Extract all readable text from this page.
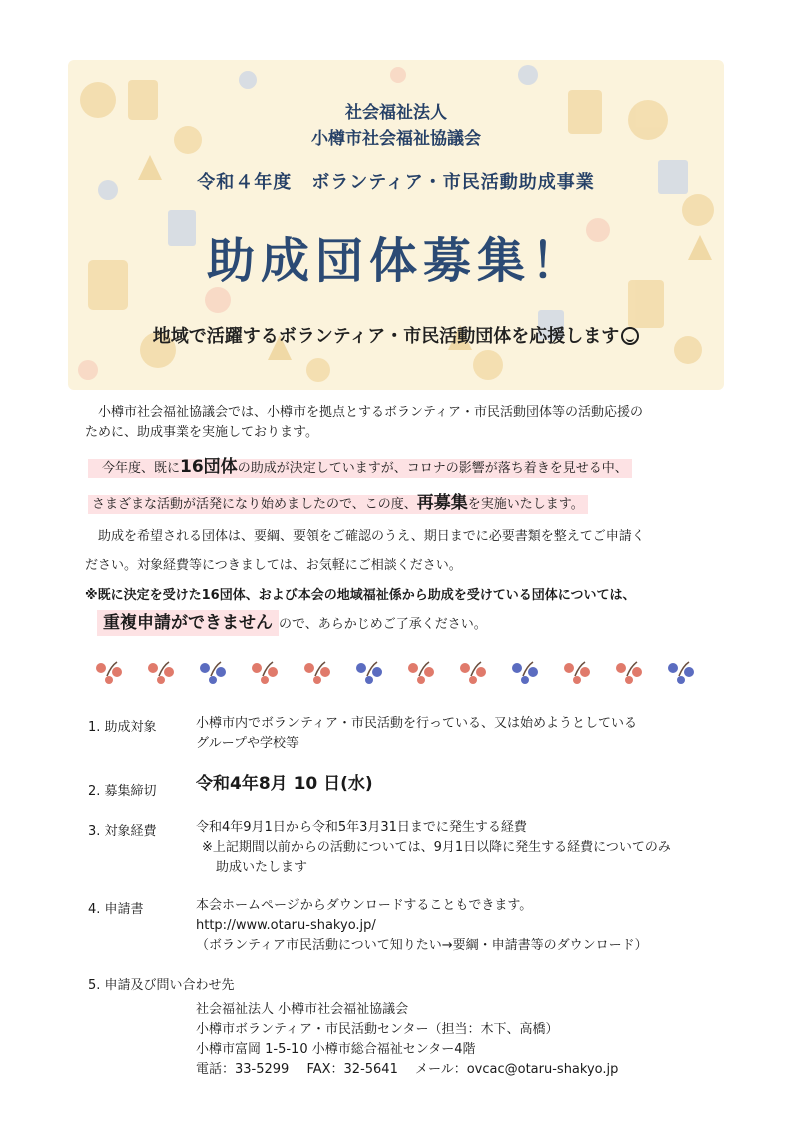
社会福祉法人
小樽市社会福祉協議会
令和４年度　ボランティア・市民活動助成事業
助成団体募集！
地域で活躍するボランティア・市民活動団体を応援します
小樽市社会福祉協議会では、小樽市を拠点とするボランティア・市民活動団体等の活動応援の
ために、助成事業を実施しております。
今年度、既に16団体の助成が決定していますが、コロナの影響が落ち着きを見せる中、
さまざまな活動が活発になり始めましたので、この度、再募集を実施いたします。
助成を希望される団体は、要綱、要領をご確認のうえ、期日までに必要書類を整えてご申請く
ださい。対象経費等につきましては、お気軽にご相談ください。
※既に決定を受けた16団体、および本会の地域福祉係から助成を受けている団体については、
重複申請ができません ので、あらかじめご了承ください。
1. 助成対象	小樽市内でボランティア・市民活動を行っている、又は始めようとしている
グループや学校等
2. 募集締切 令和4年8月 10 日(水)
3. 対象経費	令和4年9月1日から令和5年3月31日までに発生する経費
※上記期間以前からの活動については、9月1日以降に発生する経費についてのみ
助成いたします
4. 申請書	本会ホームページからダウンロードすることもできます。
http://www.otaru-shakyo.jp/
（ボランティア市民活動について知りたい→要綱・申請書等のダウンロード）
5. 申請及び問い合わせ先
社会福祉法人 小樽市社会福祉協議会
小樽市ボランティア・市民活動センター（担当：木下、高橋）
小樽市富岡 1-5-10 小樽市総合福祉センター4階
電話：33-5299　 FAX：32-5641　 メール：ovcac@otaru-shakyo.jp
